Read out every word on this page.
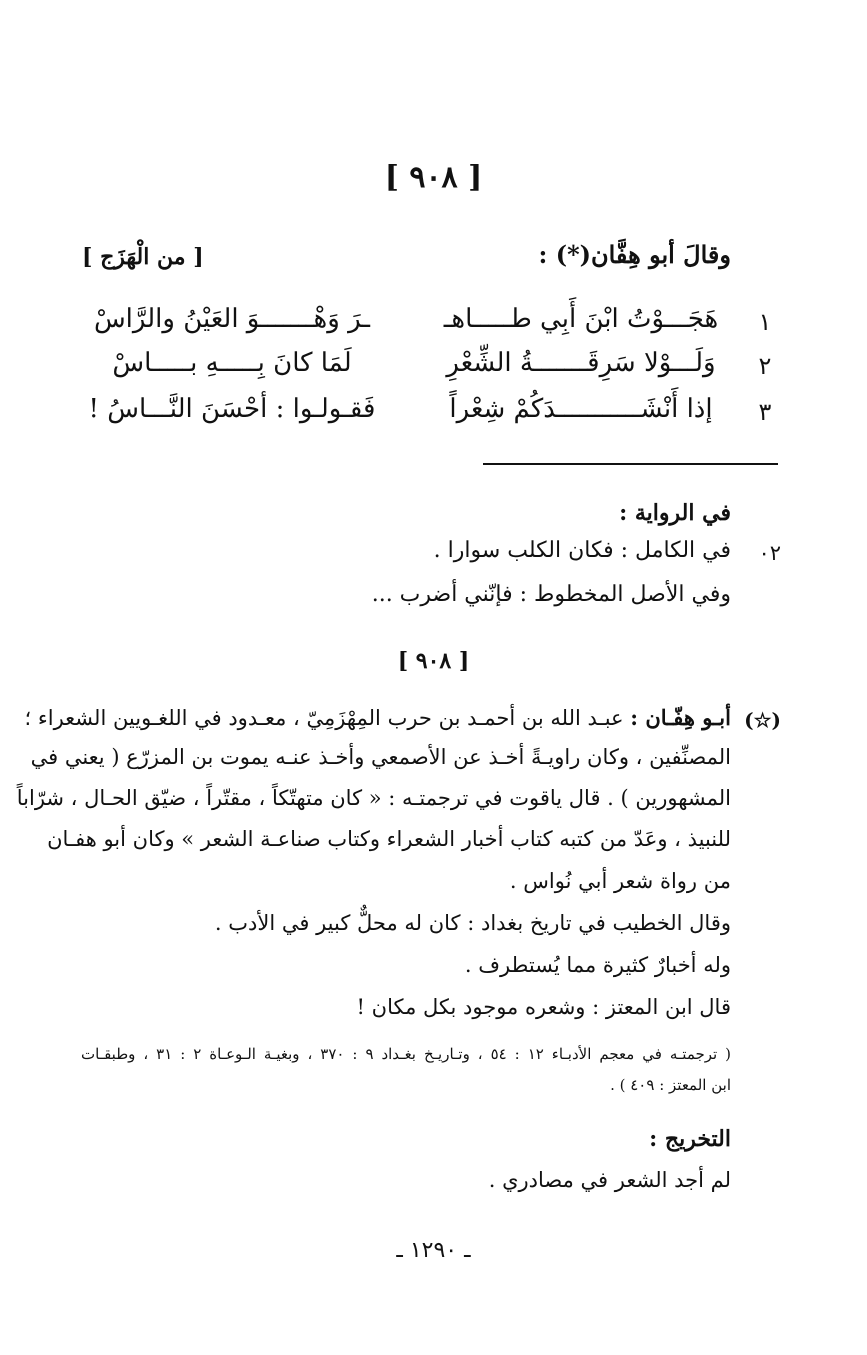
[ ٩٠٨ ]
وقالَ أبو هِفَّان(*) :
[ من الْهَزَج ]
١
هَجَـــوْتُ ابْنَ أَبِي طـــــاهـ
ـرَ وَهْـــــــوَ العَيْنُ والرَّاسْ
٢
وَلَـــوْلا سَرِقَـــــــةُ الشِّعْرِ
لَمَا كانَ بِـــــهِ بـــــاسْ
٣
إذا أَنْشَـــــــــــدَكُمْ شِعْراً
فَقـولـوا : أحْسَنَ النَّـــاسُ !
في الرواية :
٠٢
في الكامل : فكان الكلب سوارا .
وفي الأصل المخطوط : فإنّني أضرب ...
[ ٩٠٨ ]
(☆)
أبـو هِفّـان : عبـد الله بن أحمـد بن حرب المِهْزَمِيّ ، معـدود في اللغـويين الشعراء ؛
المصنِّفين ، وكان راويـةً أخـذ عن الأصمعي وأخـذ عنـه يموت بن المزرّع ( يعني في
المشهورين ) . قال ياقوت في ترجمتـه : « كان متهتّكاً ، مقتّراً ، ضيّق الحـال ، شرّاباً
للنبيذ ، وعَدّ من كتبه كتاب أخبار الشعراء وكتاب صناعـة الشعر » وكان أبو هفـان
من رواة شعر أبي نُواس .
وقال الخطيب في تاريخ بغداد : كان له محلٌّ كبير في الأدب .
وله أخبارٌ كثيرة مما يُستطرف .
قال ابن المعتز : وشعره موجود بكل مكان !
( ترجمتـه في معجم الأدبـاء ١٢ : ٥٤ ، وتـاريـخ بغـداد ٩ : ٣٧٠ ، وبغيـة الـوعـاة ٢ : ٣١ ، وطبقـات
ابن المعتز : ٤٠٩ ) .
التخريج :
لم أجد الشعر في مصادري .
ـ ١٢٩٠ ـ
